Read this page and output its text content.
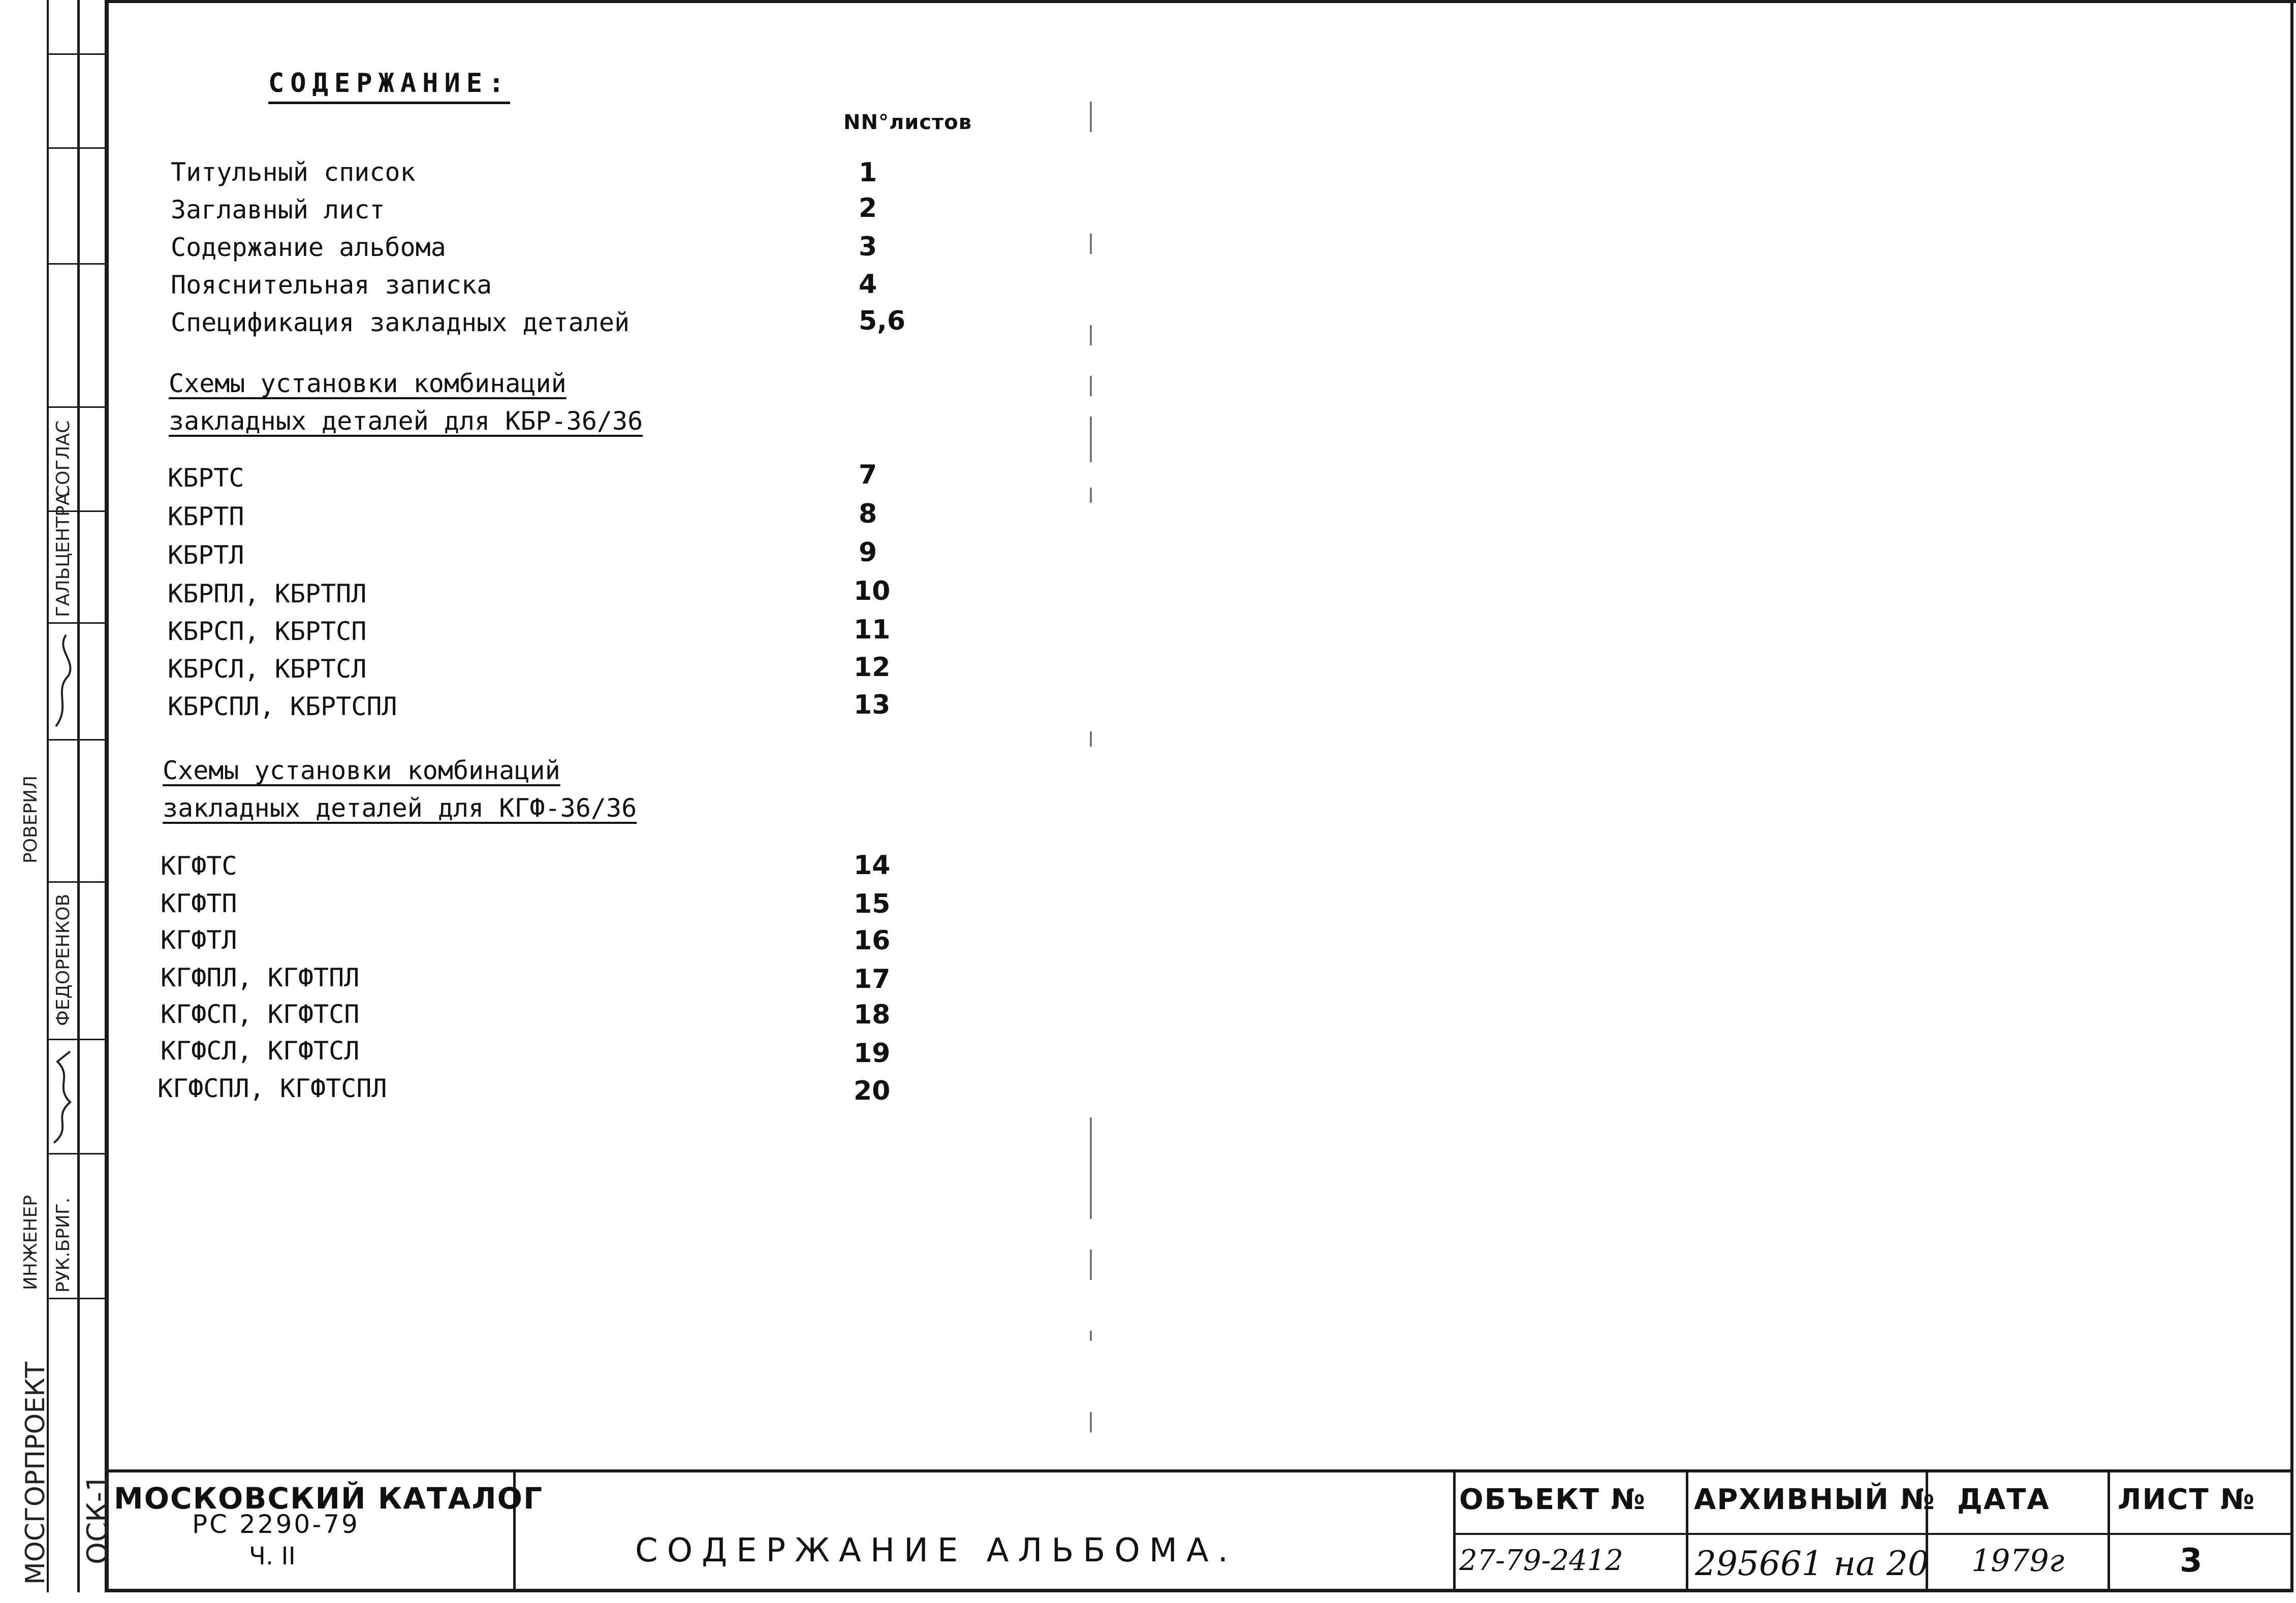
СОГЛАС
ГАЛЬЦЕНТРА
РОВЕРИЛ
ФЕДОРЕНКОВ
РУК.БРИГ.
ИНЖЕНЕР
ОСК-1
МОСГОРПРОЕКТ
СОДЕРЖАНИЕ:
NN°листов
Титульный список	1
Заглавный лист	2
Содержание альбома	3
Пояснительная записка	4
Спецификация закладных деталей	5,6
Схемы установки комбинаций
закладных деталей для КБР-36/36
КБРТС	7
КБРТП	8
КБРТЛ	9
КБРПЛ, КБРТПЛ	10
КБРСП, КБРТСП	11
КБРСЛ, КБРТСЛ	12
КБРСПЛ, КБРТСПЛ	13
Схемы установки комбинаций
закладных деталей для КГФ-36/36
КГФТС	14
КГФТП	15
КГФТЛ	16
КГФПЛ, КГФТПЛ	17
КГФСП, КГФТСП	18
КГФСЛ, КГФТСЛ	19
КГФСПЛ, КГФТСПЛ	20
МОСКОВСКИЙ КАТАЛОГ
РС 2290-79
Ч. II	СОДЕРЖАНИЕ АЛЬБОМА.
ОБЪЕКТ №
27-79-2412
АРХИВНЫЙ №
295661 на 20
ДАТА
1979г
ЛИСТ №
3
